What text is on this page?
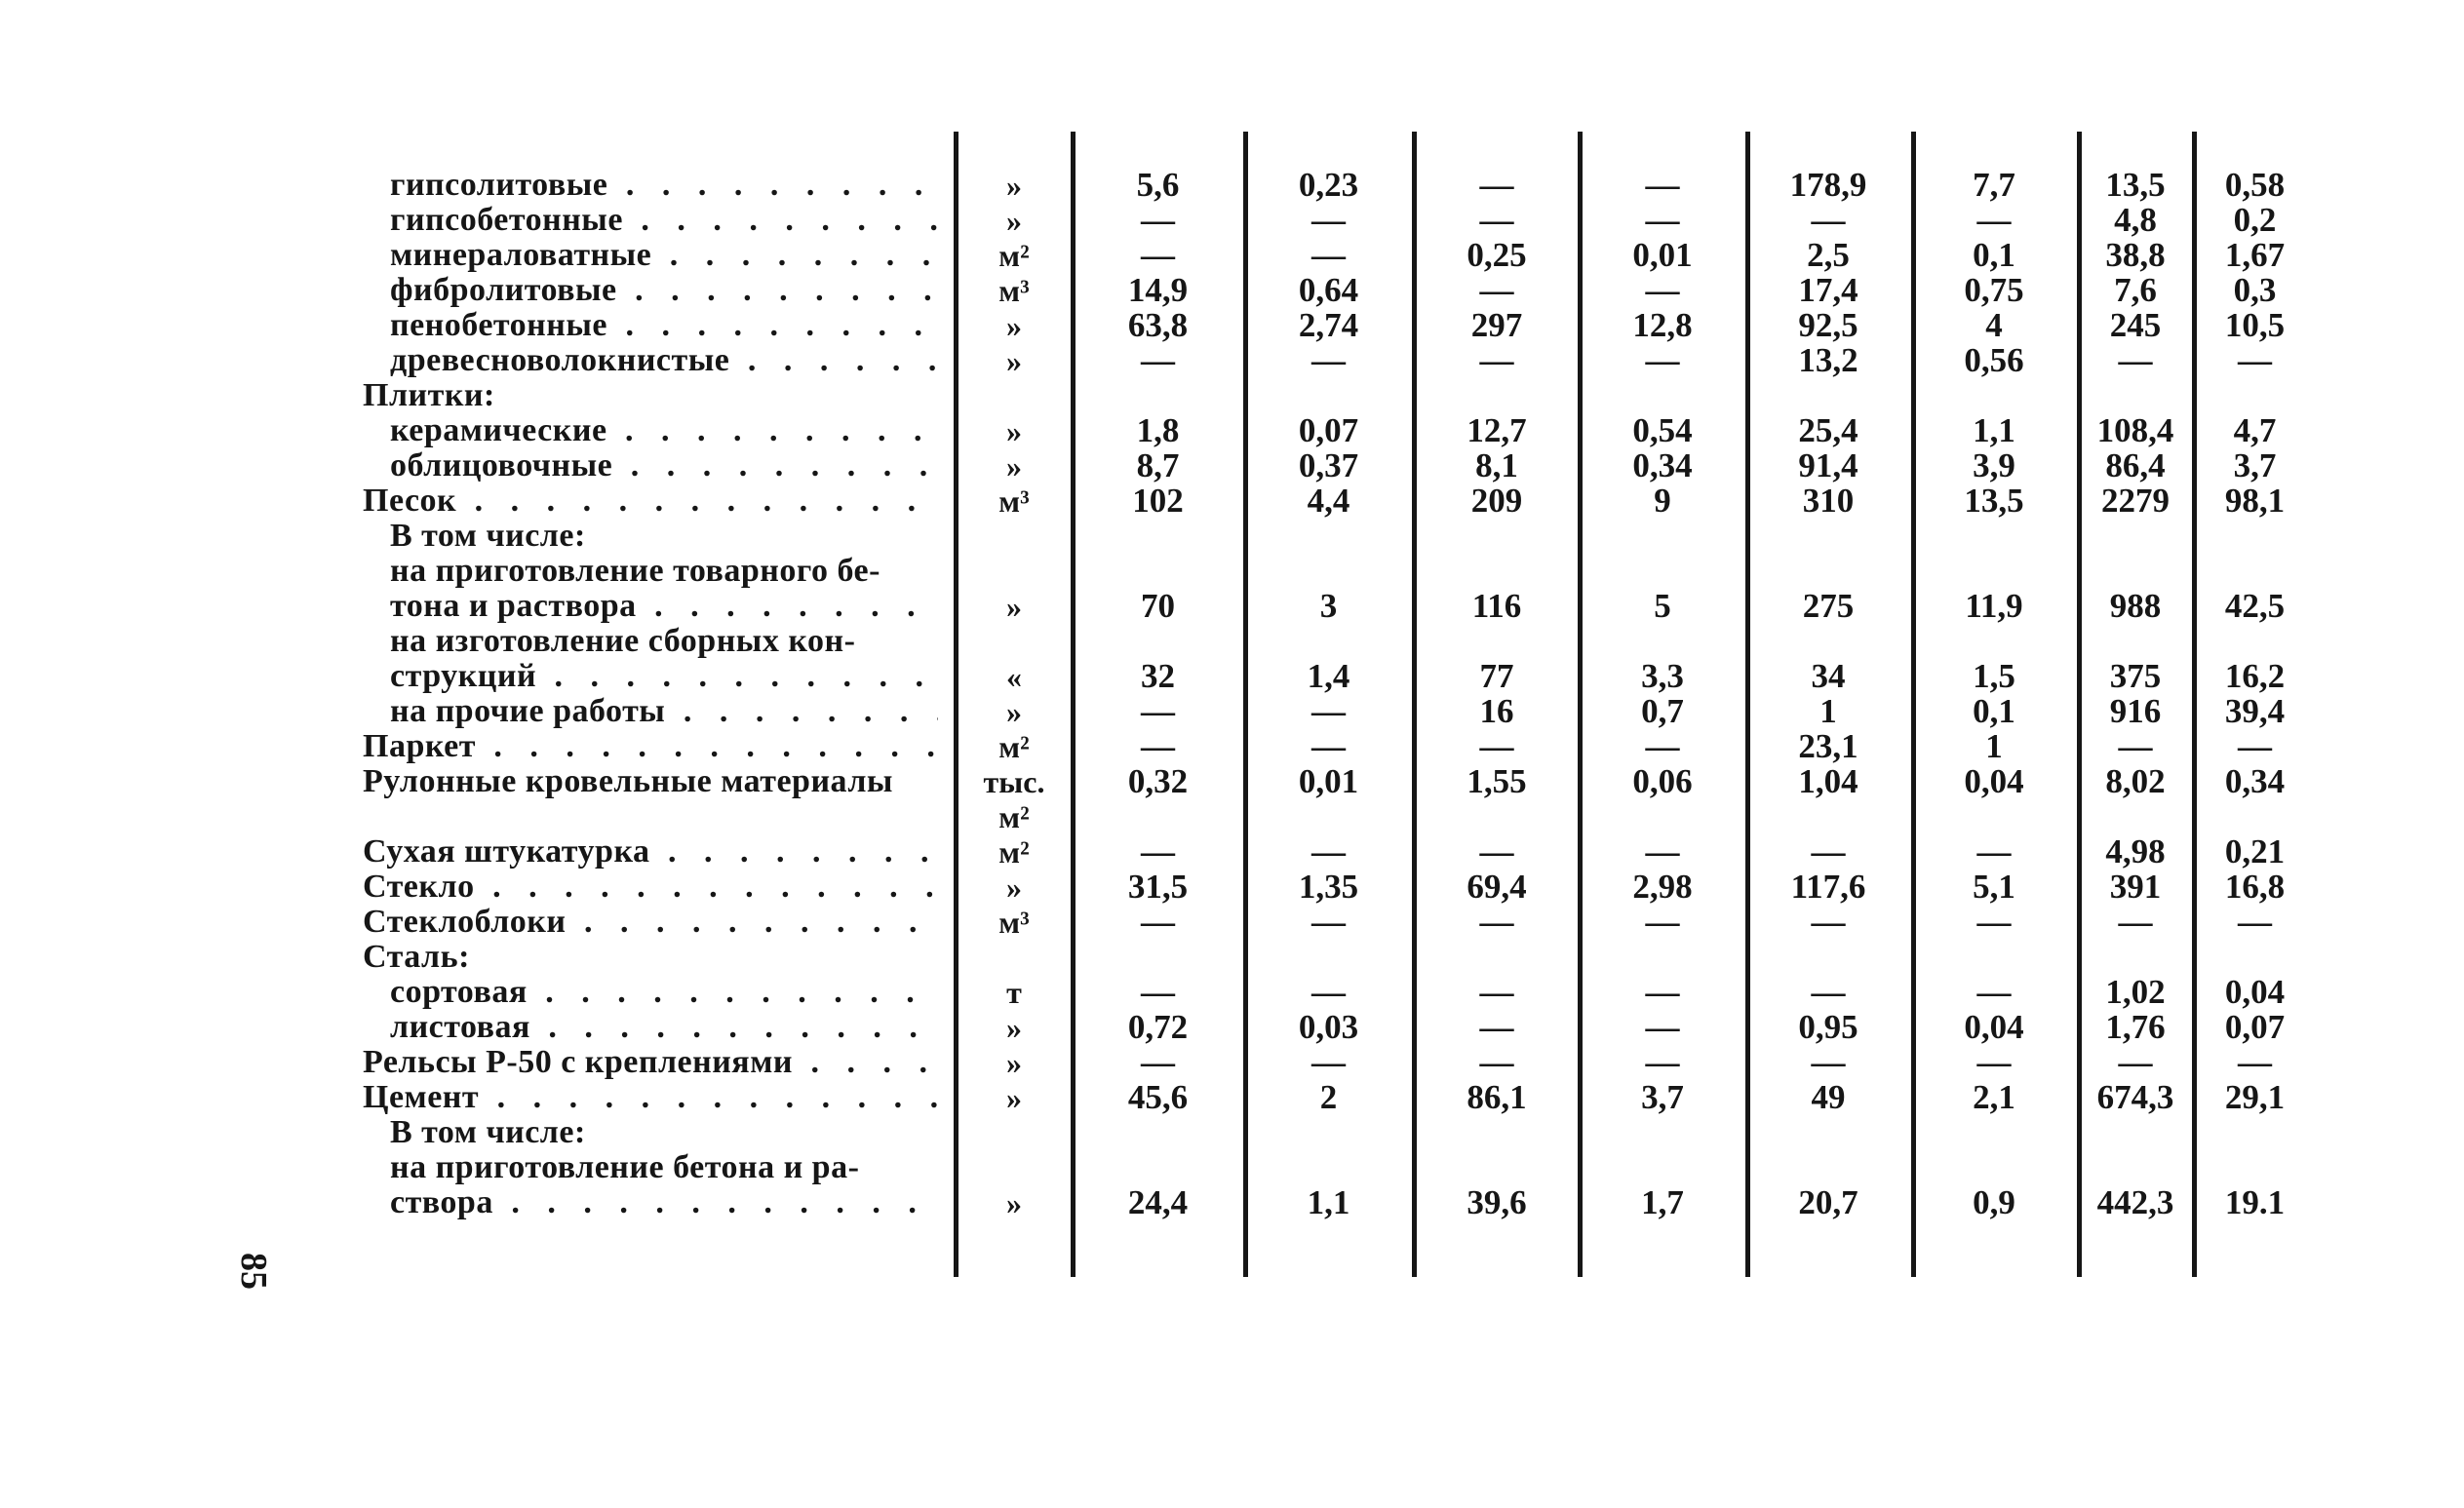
гипсолитовые . . .	»	5,6	0,23	—	—	178,9	7,7	13,5	0,58
гипсобетонные . . .	»	—	—	—	—	—	—	4,8	0,2
минераловатные . . .	м²	—	—	0,25	0,01	2,5	0,1	38,8	1,67
фибролитовые . . .	м³	14,9	0,64	—	—	17,4	0,75	7,6	0,3
пенобетонные . . .	»	63,8	2,74	297	12,8	92,5	4	245	10,5
древесноволокнистые . . .	»	—	—	—	—	13,2	0,56	—	—
Плитки:
керамические . . .	»	1,8	0,07	12,7	0,54	25,4	1,1	108,4	4,7
облицовочные . . .	»	8,7	0,37	8,1	0,34	91,4	3,9	86,4	3,7
Песок . . .	м³	102	4,4	209	9	310	13,5	2279	98,1
В том числе:
на приготовление товарного бе-
тона и раствора . . .	»	70	3	116	5	275	11,9	988	42,5
на изготовление сборных кон-
струкций . . .	«	32	1,4	77	3,3	34	1,5	375	16,2
на прочие работы . . .	»	—	—	16	0,7	1	0,1	916	39,4
Паркет . . .	м²	—	—	—	—	23,1	1	—	—
Рулонные кровельные материалы	тыс.	0,32	0,01	1,55	0,06	1,04	0,04	8,02	0,34
м²
Сухая штукатурка . . .	м²	—	—	—	—	—	—	4,98	0,21
Стекло . . .	»	31,5	1,35	69,4	2,98	117,6	5,1	391	16,8
Стеклоблоки . . .	м³	—	—	—	—	—	—	—	—
Сталь:
сортовая . . .	т	—	—	—	—	—	—	1,02	0,04
листовая . . .	»	0,72	0,03	—	—	0,95	0,04	1,76	0,07
Рельсы Р-50 с креплениями . . .	»	—	—	—	—	—	—	—	—
Цемент . . .	»	45,6	2	86,1	3,7	49	2,1	674,3	29,1
В том числе:
на приготовление бетона и ра-
створа . . .	»	24,4	1,1	39,6	1,7	20,7	0,9	442,3	19.1
85
